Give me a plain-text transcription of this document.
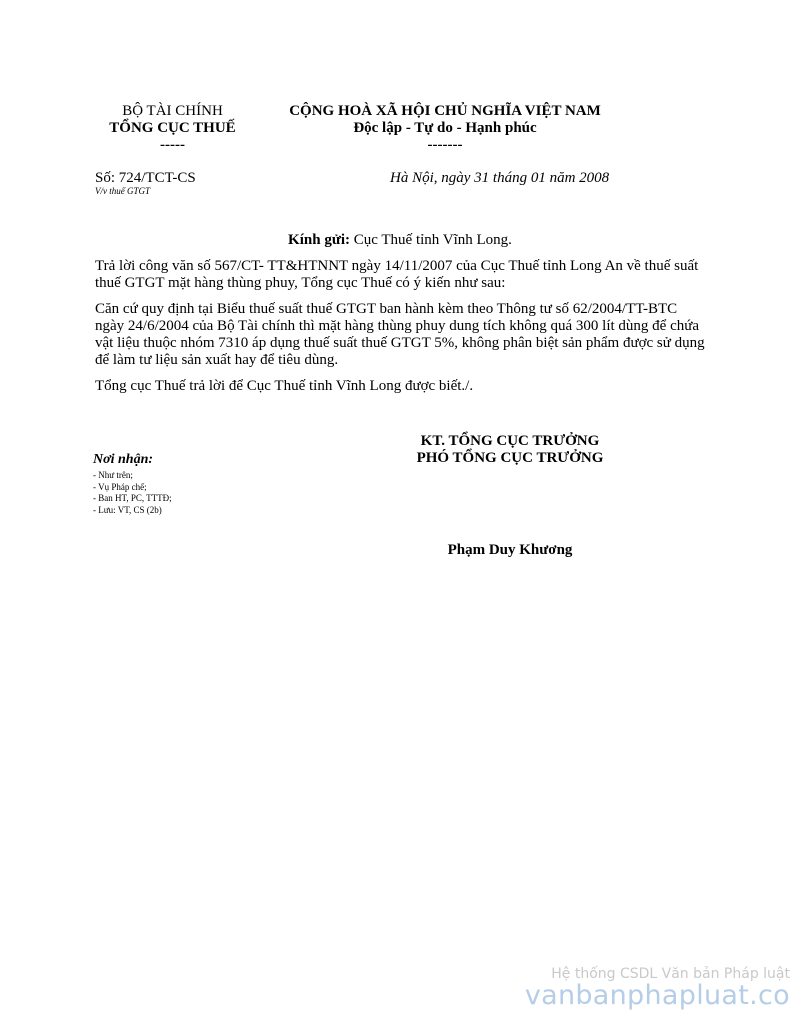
BỘ TÀI CHÍNH
TỔNG CỤC THUẾ
-----
CỘNG HOÀ XÃ HỘI CHỦ NGHĨA VIỆT NAM
Độc lập - Tự do - Hạnh phúc
-------
Số: 724/TCT-CS
V/v thuế GTGT
Hà Nội, ngày 31 tháng 01 năm 2008
Kính gửi: Cục Thuế tỉnh Vĩnh Long.

Trả lời công văn số 567/CT- TT&HTNNT ngày 14/11/2007 của Cục Thuế tỉnh Long An về thuế suất thuế GTGT mặt hàng thùng phuy, Tổng cục Thuế có ý kiến như sau:

Căn cứ quy định tại Biểu thuế suất thuế GTGT ban hành kèm theo Thông tư số 62/2004/TT-BTC ngày 24/6/2004 của Bộ Tài chính thì mặt hàng thùng phuy dung tích không quá 300 lít dùng để chứa vật liệu thuộc nhóm 7310 áp dụng thuế suất thuế GTGT 5%, không phân biệt sản phẩm được sử dụng để làm tư liệu sản xuất hay để tiêu dùng.

Tổng cục Thuế trả lời để Cục Thuế tỉnh Vĩnh Long được biết./.

KT. TỔNG CỤC TRƯỞNG
PHÓ TỔNG CỤC TRƯỞNG
Nơi nhận:
- Như trên;
- Vụ Pháp chế;
- Ban HT, PC, TTTĐ;
- Lưu: VT, CS (2b)
Phạm Duy Khương
Hệ thống CSDL Văn bản Pháp luật
vanbanphapluat.co
